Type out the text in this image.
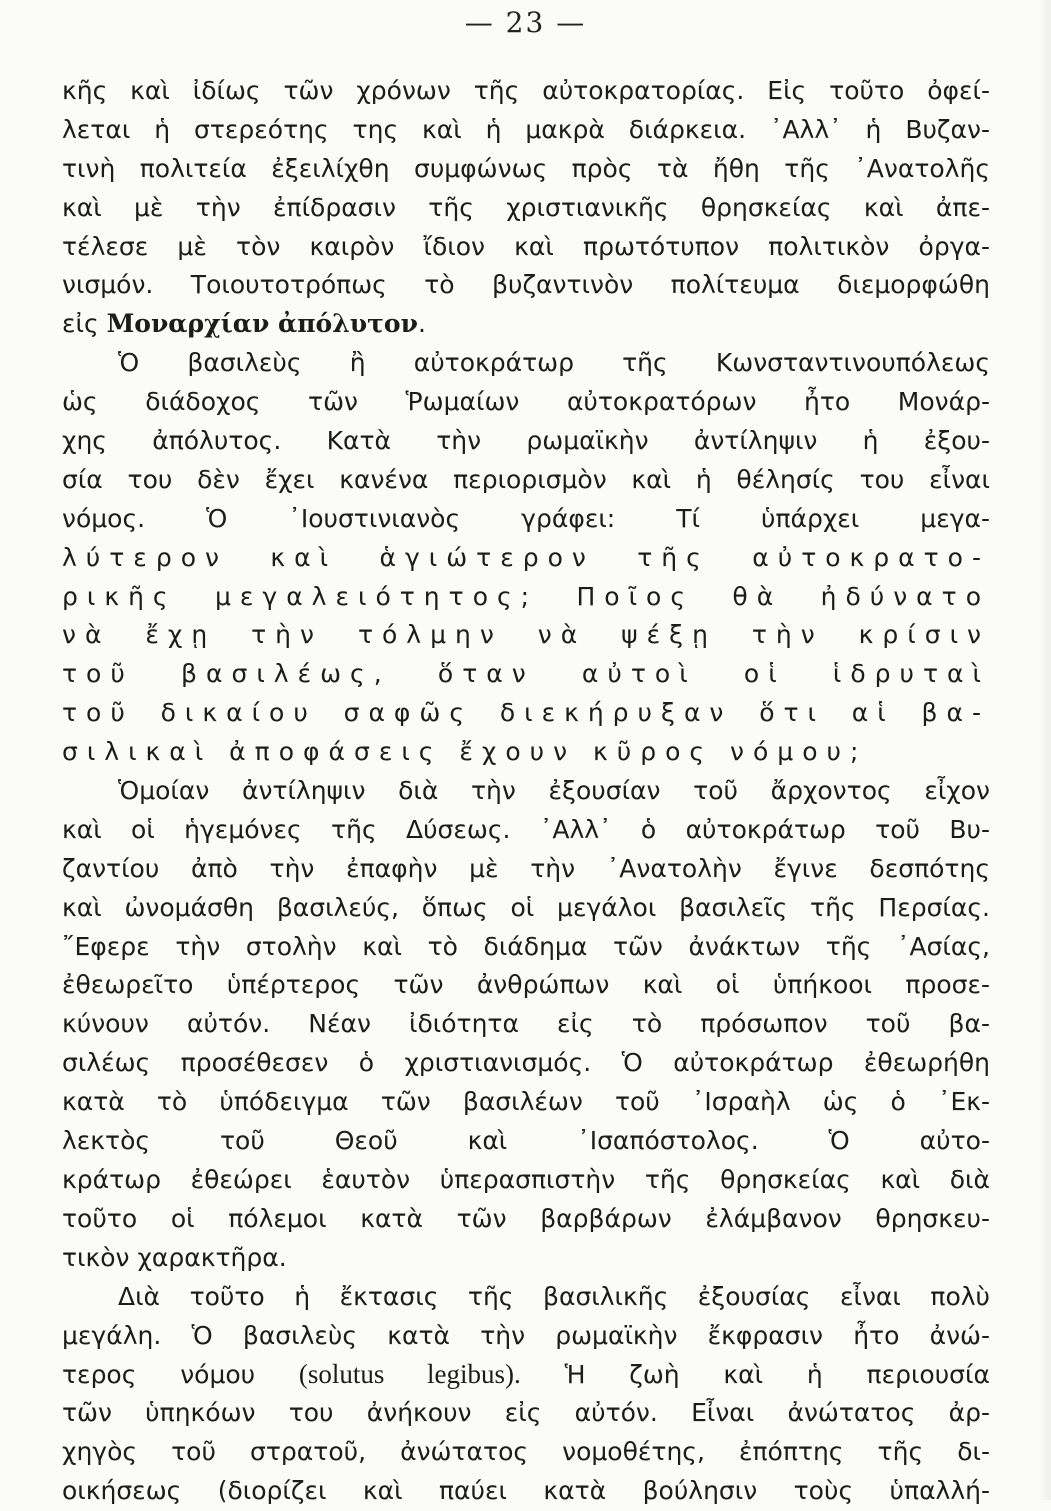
— 23 —
κῆς καὶ ἰδίως τῶν χρόνων τῆς αὐτοκρατορίας. Εἰς τοῦτο ὀφεί-
λεται ἡ στερεότης της καὶ ἡ μακρὰ διάρκεια. ᾿Αλλ᾿ ἡ Βυζαν-
τινὴ πολιτεία ἐξειλίχθη συμφώνως πρὸς τὰ ἤθη τῆς ᾿Ανατολῆς
καὶ μὲ τὴν ἐπίδρασιν τῆς χριστιανικῆς θρησκείας καὶ ἀπε-
τέλεσε μὲ τὸν καιρὸν ἴδιον καὶ πρωτότυπον πολιτικὸν ὀργα-
νισμόν. Τοιουτοτρόπως τὸ βυζαντινὸν πολίτευμα διεμορφώθη
εἰς Μοναρχίαν ἀπόλυτον.
Ὁ βασιλεὺς ἢ αὐτοκράτωρ τῆς Κωνσταντινουπόλεως
ὡς διάδοχος τῶν Ῥωμαίων αὐτοκρατόρων ἦτο Μονάρ-
χης ἀπόλυτος. Κατὰ τὴν ρωμαϊκὴν ἀντίληψιν ἡ ἐξου-
σία του δὲν ἔχει κανένα περιορισμὸν καὶ ἡ θέλησίς του εἶναι
νόμος. Ὁ ᾿Ιουστινιανὸς γράφει: Τί ὑπάρχει μεγα-
λύτερον καὶ ἁγιώτερον τῆς αὐτοκρατο-
ρικῆς μεγαλειότητος; Ποῖος θὰ ἠδύνατο
νὰ ἔχῃ τὴν τόλμην νὰ ψέξῃ τὴν κρίσιν
τοῦ βασιλέως, ὅταν αὐτοὶ οἱ ἱδρυταὶ
τοῦ δικαίου σαφῶς διεκήρυξαν ὅτι αἱ βα-
σιλικαὶ ἀποφάσεις ἔχουν κῦρος νόμου;
Ὁμοίαν ἀντίληψιν διὰ τὴν ἐξουσίαν τοῦ ἄρχοντος εἶχον
καὶ οἱ ἡγεμόνες τῆς Δύσεως. ᾿Αλλ᾿ ὁ αὐτοκράτωρ τοῦ Βυ-
ζαντίου ἀπὸ τὴν ἐπαφὴν μὲ τὴν ᾿Ανατολὴν ἔγινε δεσπότης
καὶ ὠνομάσθη βασιλεύς, ὅπως οἱ μεγάλοι βασιλεῖς τῆς Περσίας.
῎Εφερε τὴν στολὴν καὶ τὸ διάδημα τῶν ἀνάκτων τῆς ᾿Ασίας,
ἐθεωρεῖτο ὑπέρτερος τῶν ἀνθρώπων καὶ οἱ ὑπήκοοι προσε-
κύνουν αὐτόν. Νέαν ἰδιότητα εἰς τὸ πρόσωπον τοῦ βα-
σιλέως προσέθεσεν ὁ χριστιανισμός. Ὁ αὐτοκράτωρ ἐθεωρήθη
κατὰ τὸ ὑπόδειγμα τῶν βασιλέων τοῦ ᾿Ισραὴλ ὡς ὁ ᾿Εκ-
λεκτὸς τοῦ Θεοῦ καὶ ᾿Ισαπόστολος. Ὁ αὐτο-
κράτωρ ἐθεώρει ἑαυτὸν ὑπερασπιστὴν τῆς θρησκείας καὶ διὰ
τοῦτο οἱ πόλεμοι κατὰ τῶν βαρβάρων ἐλάμβανον θρησκευ-
τικὸν χαρακτῆρα.
Διὰ τοῦτο ἡ ἔκτασις τῆς βασιλικῆς ἐξουσίας εἶναι πολὺ
μεγάλη. Ὁ βασιλεὺς κατὰ τὴν ρωμαϊκὴν ἔκφρασιν ἦτο ἀνώ-
τερος νόμου (solutus legibus). Ἡ ζωὴ καὶ ἡ περιουσία
τῶν ὑπηκόων του ἀνήκουν εἰς αὐτόν. Εἶναι ἀνώτατος ἀρ-
χηγὸς τοῦ στρατοῦ, ἀνώτατος νομοθέτης, ἐπόπτης τῆς δι-
οικήσεως (διορίζει καὶ παύει κατὰ βούλησιν τοὺς ὑπαλλή-
